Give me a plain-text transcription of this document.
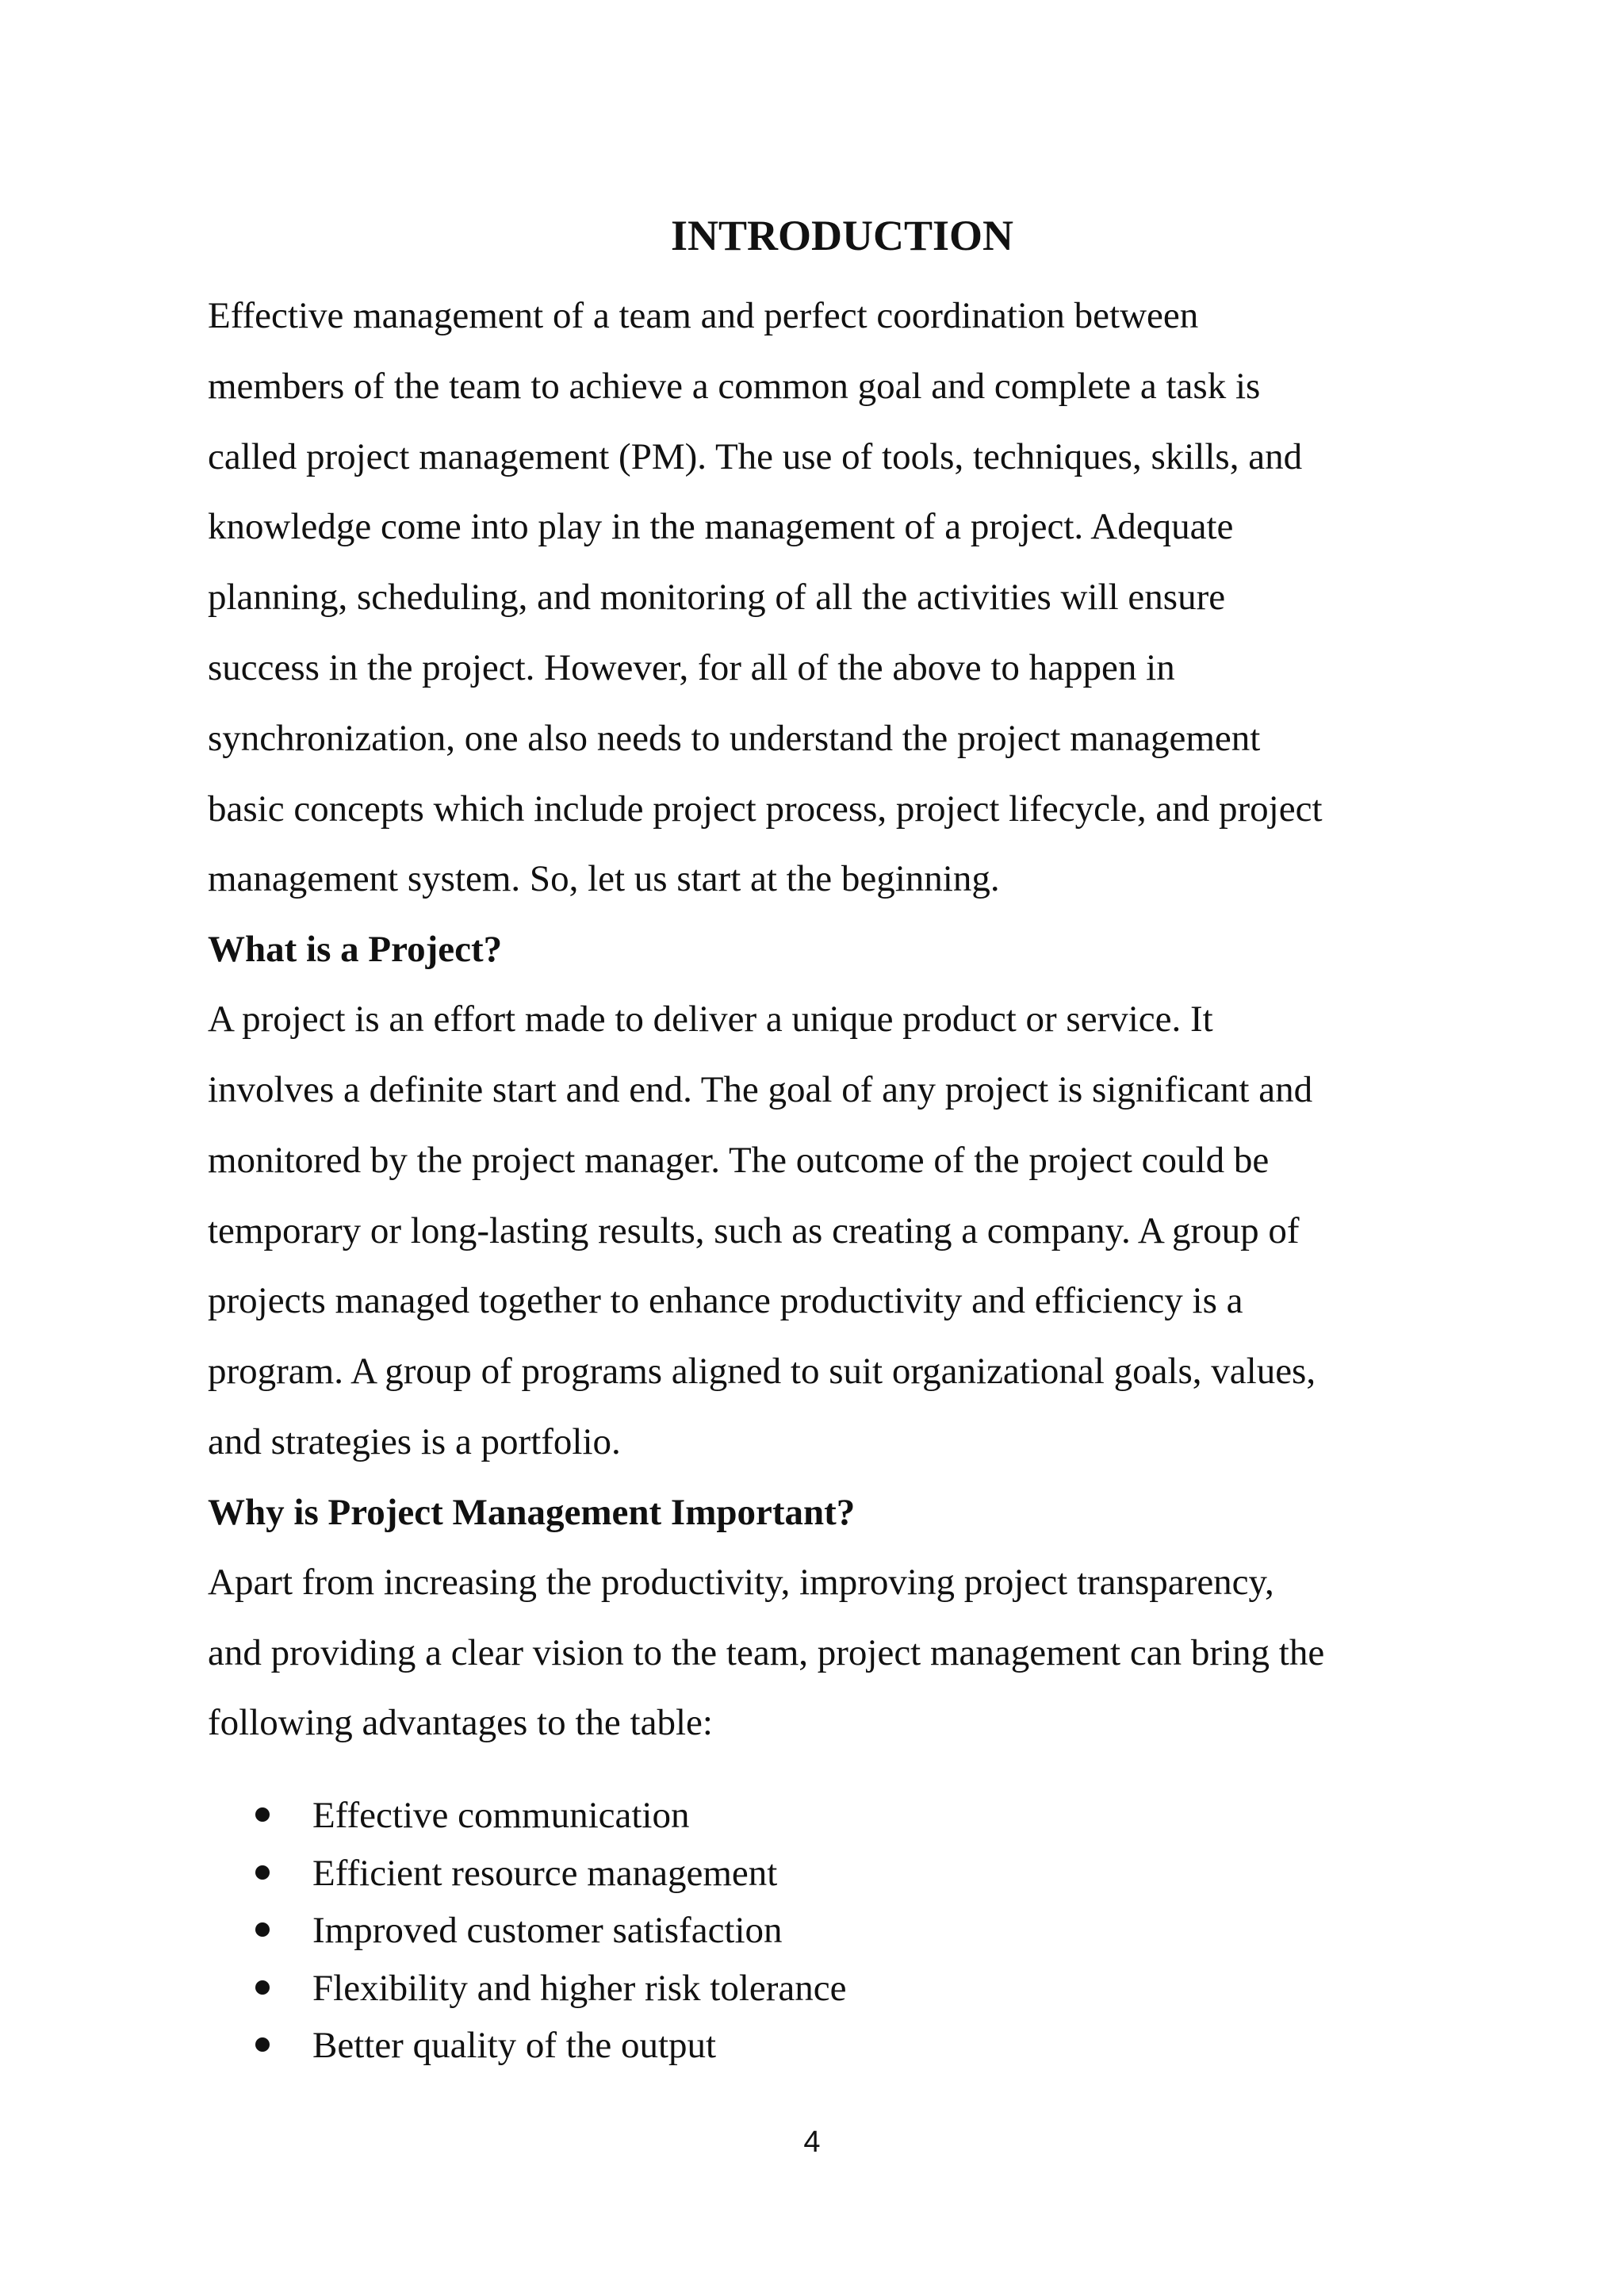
INTRODUCTION

Effective management of a team and perfect coordination between
members of the team to achieve a common goal and complete a task is
called project management (PM). The use of tools, techniques, skills, and
knowledge come into play in the management of a project. Adequate
planning, scheduling, and monitoring of all the activities will ensure
success in the project. However, for all of the above to happen in
synchronization, one also needs to understand the project management
basic concepts which include project process, project lifecycle, and project
management system. So, let us start at the beginning.

What is a Project?

A project is an effort made to deliver a unique product or service. It
involves a definite start and end. The goal of any project is significant and
monitored by the project manager. The outcome of the project could be
temporary or long-lasting results, such as creating a company. A group of
projects managed together to enhance productivity and efficiency is a
program. A group of programs aligned to suit organizational goals, values,
and strategies is a portfolio.

Why is Project Management Important?

Apart from increasing the productivity, improving project transparency,
and providing a clear vision to the team, project management can bring the
following advantages to the table:

Effective communication
Efficient resource management
Improved customer satisfaction
Flexibility and higher risk tolerance
Better quality of the output
4
